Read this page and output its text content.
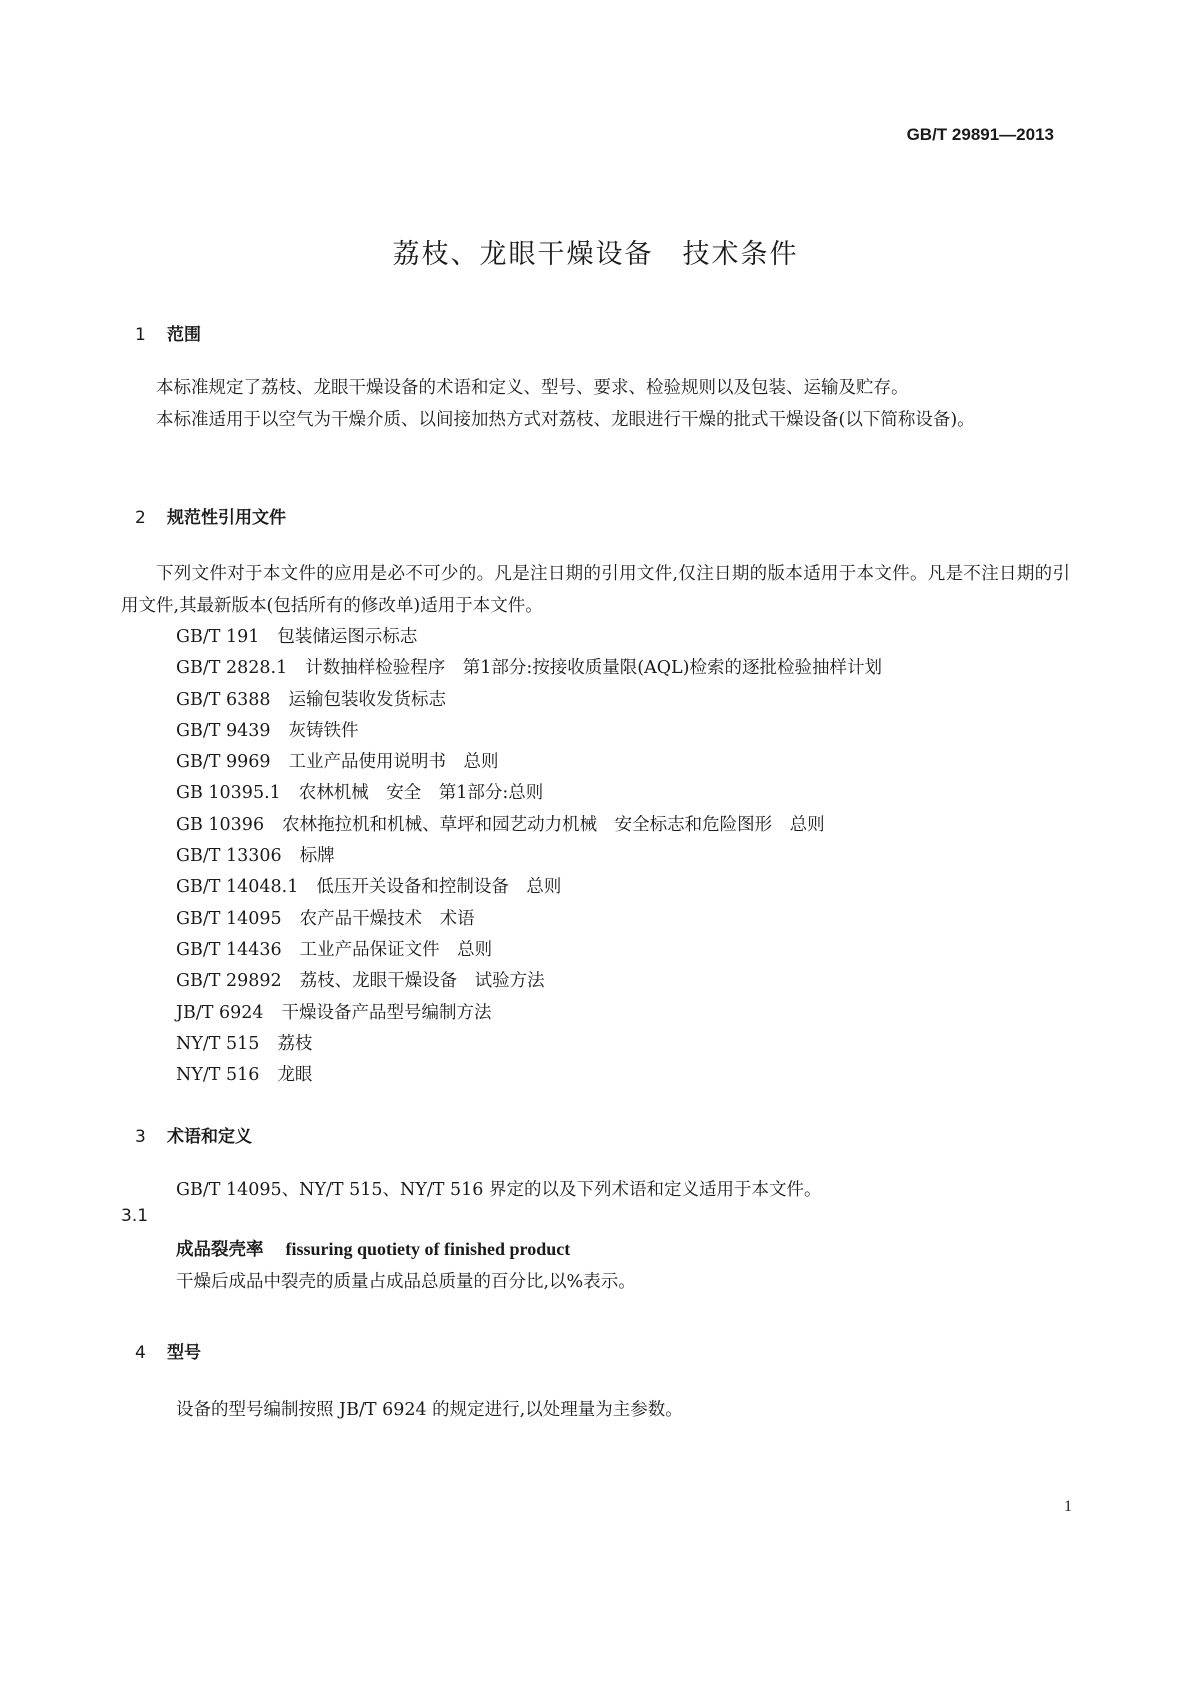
GB/T 29891—2013
荔枝、龙眼干燥设备　技术条件
1 范围
本标准规定了荔枝、龙眼干燥设备的术语和定义、型号、要求、检验规则以及包装、运输及贮存。
本标准适用于以空气为干燥介质、以间接加热方式对荔枝、龙眼进行干燥的批式干燥设备(以下简称设备)。
2 规范性引用文件
下列文件对于本文件的应用是必不可少的。凡是注日期的引用文件,仅注日期的版本适用于本文件。凡是不注日期的引用文件,其最新版本(包括所有的修改单)适用于本文件。
GB/T 191 包装储运图示标志
GB/T 2828.1 计数抽样检验程序　第1部分:按接收质量限(AQL)检索的逐批检验抽样计划
GB/T 6388 运输包装收发货标志
GB/T 9439 灰铸铁件
GB/T 9969 工业产品使用说明书　总则
GB 10395.1 农林机械　安全　第1部分:总则
GB 10396 农林拖拉机和机械、草坪和园艺动力机械　安全标志和危险图形　总则
GB/T 13306 标牌
GB/T 14048.1 低压开关设备和控制设备　总则
GB/T 14095 农产品干燥技术　术语
GB/T 14436 工业产品保证文件　总则
GB/T 29892 荔枝、龙眼干燥设备　试验方法
JB/T 6924 干燥设备产品型号编制方法
NY/T 515 荔枝
NY/T 516 龙眼
3 术语和定义
GB/T 14095、NY/T 515、NY/T 516 界定的以及下列术语和定义适用于本文件。
3.1
成品裂壳率 fissuring quotiety of finished product
干燥后成品中裂壳的质量占成品总质量的百分比,以%表示。
4 型号
设备的型号编制按照 JB/T 6924 的规定进行,以处理量为主参数。
1
